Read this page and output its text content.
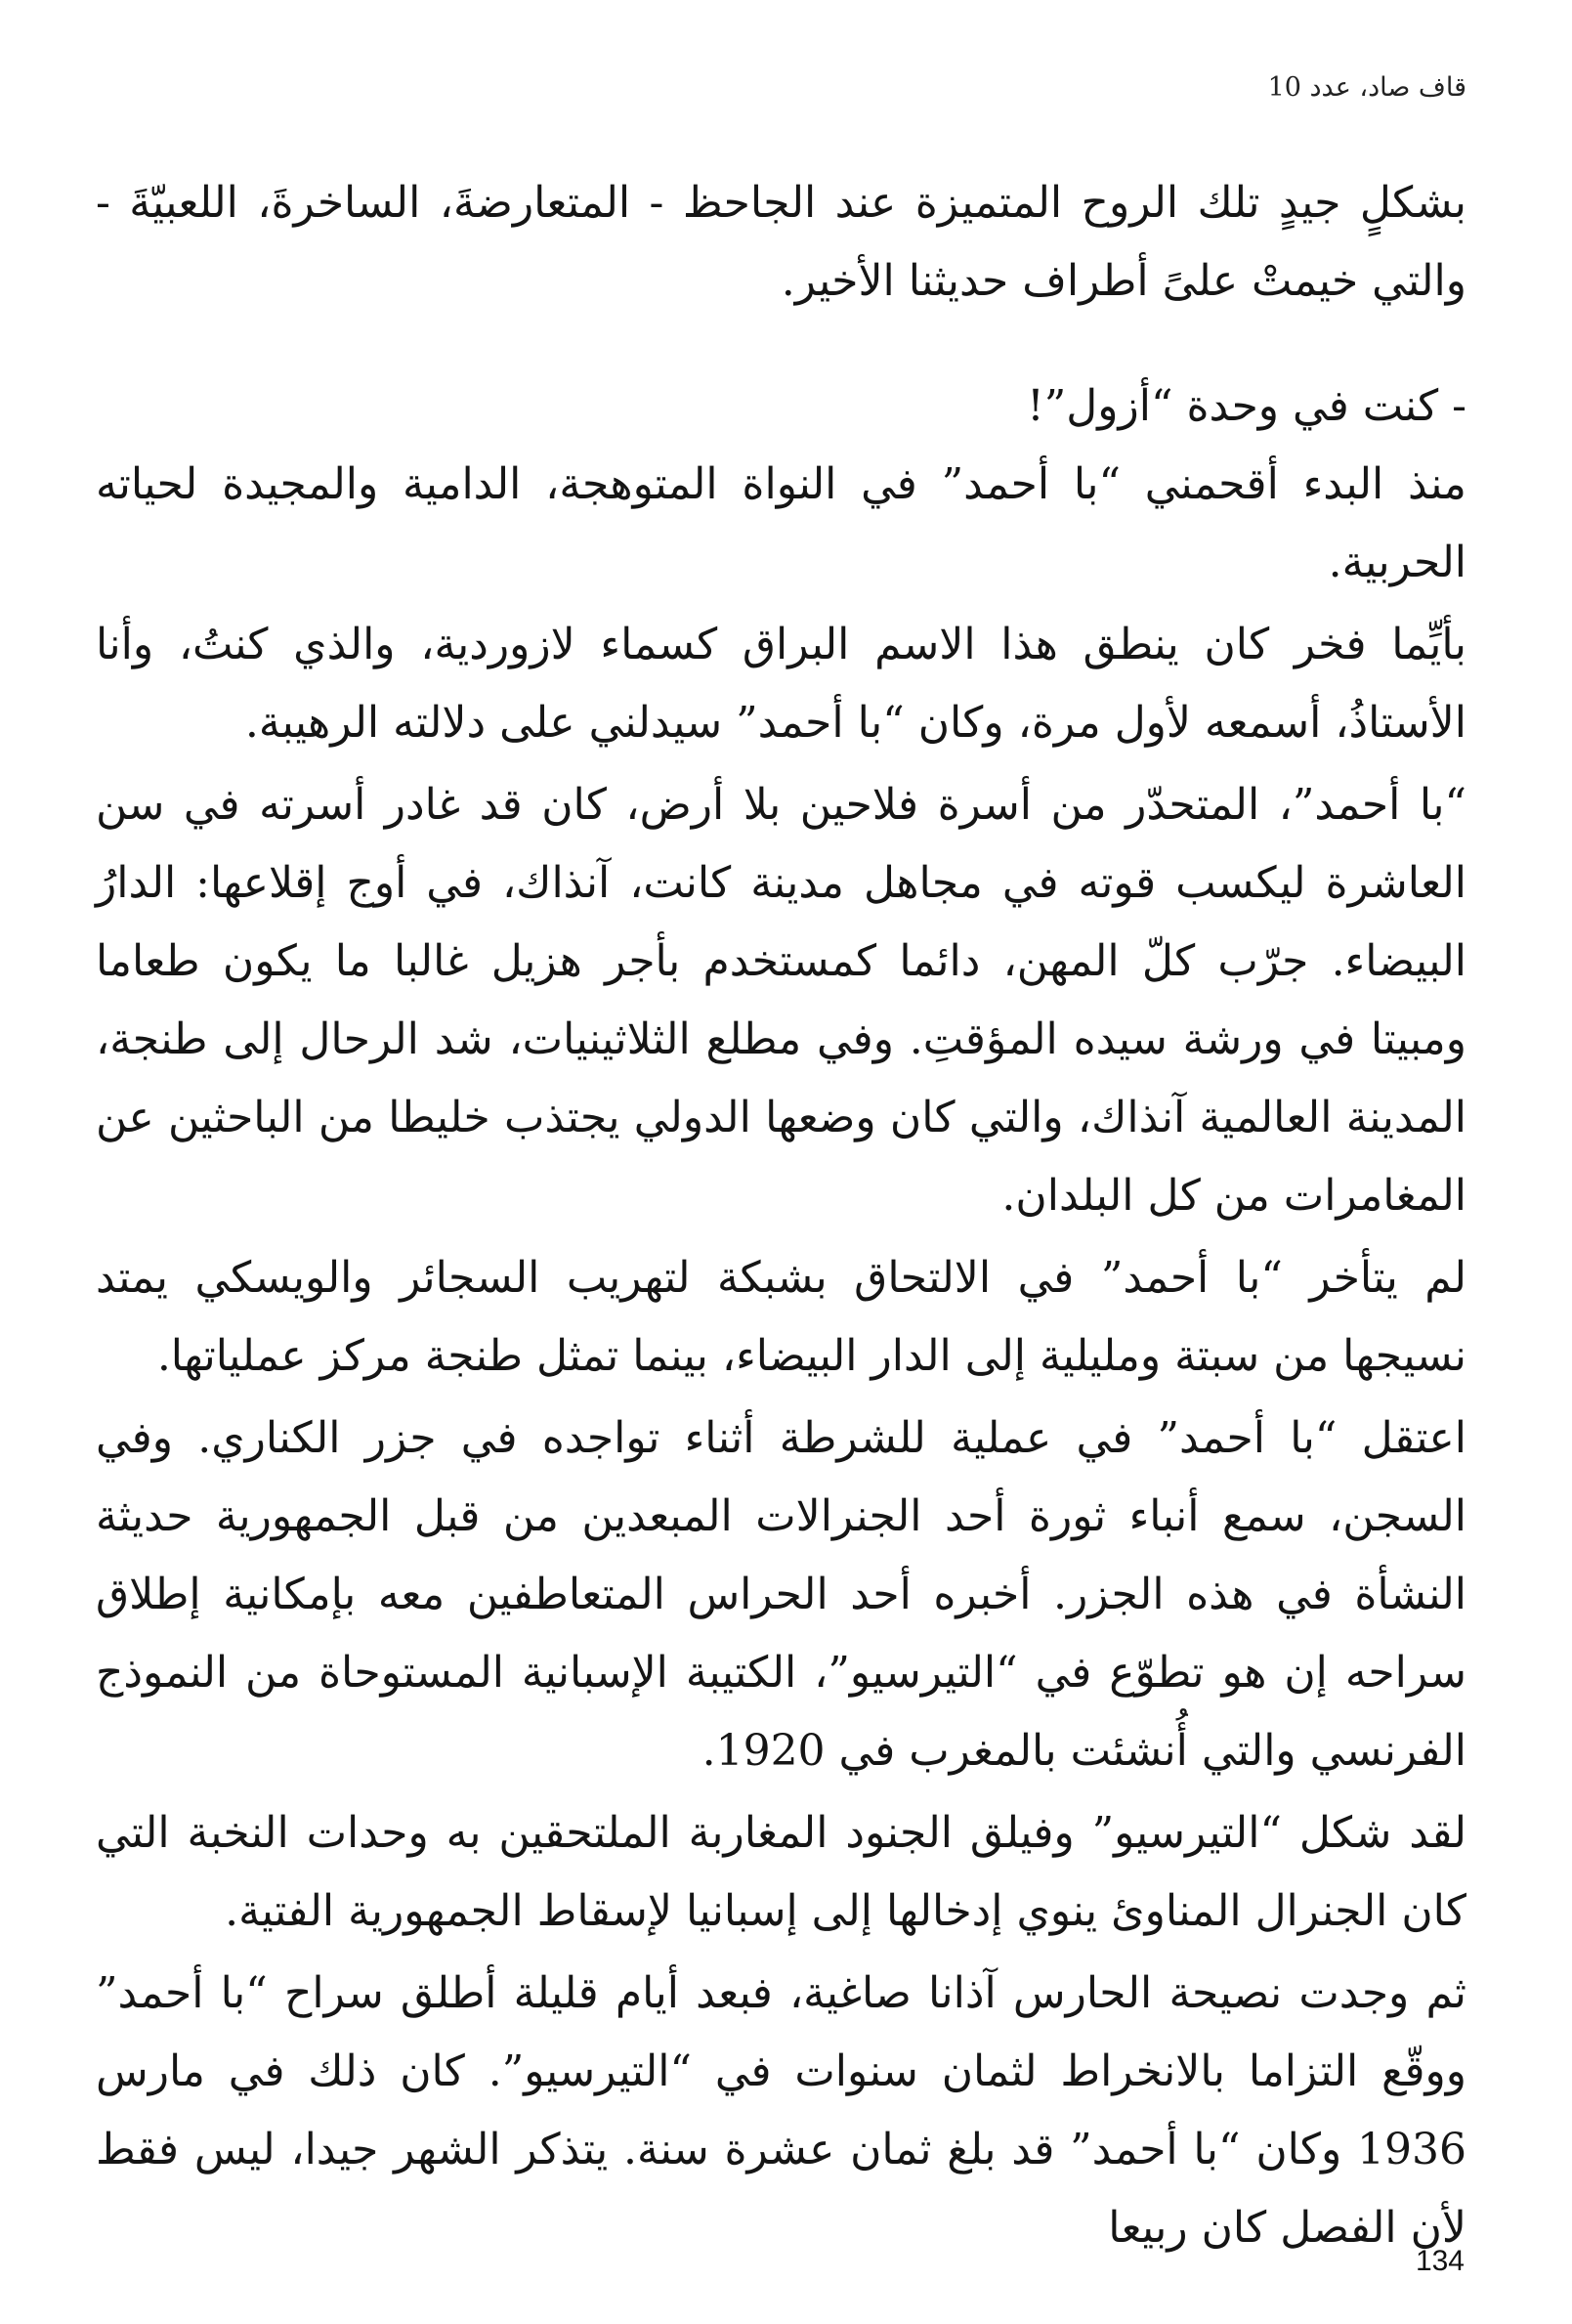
قاف صاد، عدد 10

بشكلٍ جيدٍ تلك الروح المتميزة عند الجاحظ - المتعارضةَ، الساخرةَ، اللعبيّةَ - والتي خيمتْ علىً أطراف حديثنا الأخير.

- كنت في وحدة “أزول”!

منذ البدء أقحمني “با أحمد” في النواة المتوهجة، الدامية والمجيدة لحياته الحربية.

بأيِّما فخر كان ينطق هذا الاسم البراق كسماء لازوردية، والذي كنتُ، وأنا الأستاذُ، أسمعه لأول مرة، وكان “با أحمد” سيدلني على دلالته الرهيبة.

“با أحمد”، المتحدّر من أسرة فلاحين بلا أرض، كان قد غادر أسرته في سن العاشرة ليكسب قوته في مجاهل مدينة كانت، آنذاك، في أوج إقلاعها: الدارُ البيضاء. جرّب كلّ المهن، دائما كمستخدم بأجر هزيل غالبا ما يكون طعاما ومبيتا في ورشة سيده المؤقتِ. وفي مطلع الثلاثينيات، شد الرحال إلى طنجة، المدينة العالمية آنذاك، والتي كان وضعها الدولي يجتذب خليطا من الباحثين عن المغامرات من كل البلدان.

لم يتأخر “با أحمد” في الالتحاق بشبكة لتهريب السجائر والويسكي يمتد نسيجها من سبتة ومليلية إلى الدار البيضاء، بينما تمثل طنجة مركز عملياتها.

اعتقل “با أحمد” في عملية للشرطة أثناء تواجده في جزر الكناري. وفي السجن، سمع أنباء ثورة أحد الجنرالات المبعدين من قبل الجمهورية حديثة النشأة في هذه الجزر. أخبره أحد الحراس المتعاطفين معه بإمكانية إطلاق سراحه إن هو تطوّع في “التيرسيو”، الكتيبة الإسبانية المستوحاة من النموذج الفرنسي والتي أُنشئت بالمغرب في 1920.

لقد شكل “التيرسيو” وفيلق الجنود المغاربة الملتحقين به وحدات النخبة التي كان الجنرال المناوئ ينوي إدخالها إلى إسبانيا لإسقاط الجمهورية الفتية.

ثم وجدت نصيحة الحارس آذانا صاغية، فبعد أيام قليلة أطلق سراح “با أحمد” ووقّع التزاما بالانخراط لثمان سنوات في “التيرسيو”. كان ذلك في مارس 1936 وكان “با أحمد” قد بلغ ثمان عشرة سنة. يتذكر الشهر جيدا، ليس فقط لأن الفصل كان ربيعا

134
